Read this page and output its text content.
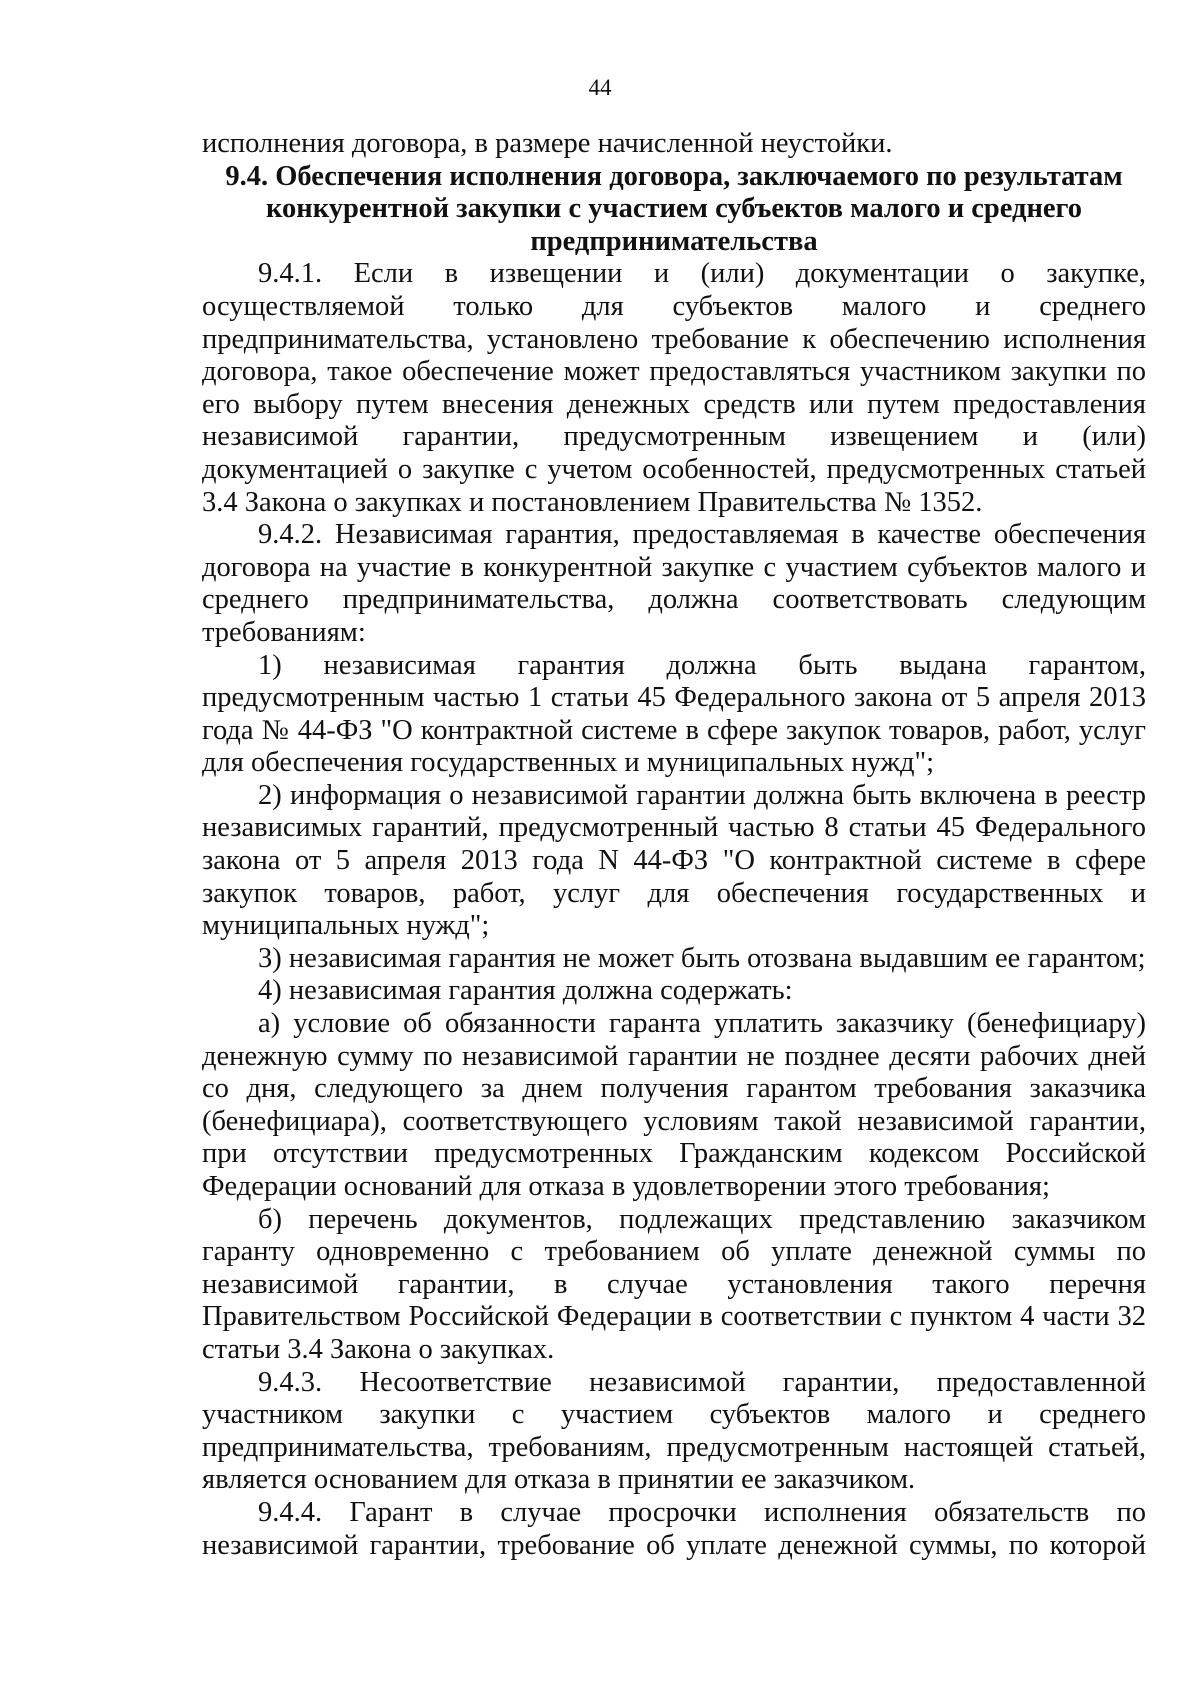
44

исполнения договора, в размере начисленной неустойки.

9.4. Обеспечения исполнения договора, заключаемого по результатам конкурентной закупки с участием субъектов малого и среднего предпринимательства

9.4.1. Если в извещении и (или) документации о закупке, осуществляемой только для субъектов малого и среднего предпринимательства, установлено требование к обеспечению исполнения договора, такое обеспечение может предоставляться участником закупки по его выбору путем внесения денежных средств или путем предоставления независимой гарантии, предусмотренным извещением и (или) документацией о закупке с учетом особенностей, предусмотренных статьей 3.4 Закона о закупках и постановлением Правительства № 1352.

9.4.2. Независимая гарантия, предоставляемая в качестве обеспечения договора на участие в конкурентной закупке с участием субъектов малого и среднего предпринимательства, должна соответствовать следующим требованиям:

1) независимая гарантия должна быть выдана гарантом, предусмотренным частью 1 статьи 45 Федерального закона от 5 апреля 2013 года № 44-ФЗ "О контрактной системе в сфере закупок товаров, работ, услуг для обеспечения государственных и муниципальных нужд";

2) информация о независимой гарантии должна быть включена в реестр независимых гарантий, предусмотренный частью 8 статьи 45 Федерального закона от 5 апреля 2013 года N 44-ФЗ "О контрактной системе в сфере закупок товаров, работ, услуг для обеспечения государственных и муниципальных нужд";

3) независимая гарантия не может быть отозвана выдавшим ее гарантом;

4) независимая гарантия должна содержать:

а) условие об обязанности гаранта уплатить заказчику (бенефициару) денежную сумму по независимой гарантии не позднее десяти рабочих дней со дня, следующего за днем получения гарантом требования заказчика (бенефициара), соответствующего условиям такой независимой гарантии, при отсутствии предусмотренных Гражданским кодексом Российской Федерации оснований для отказа в удовлетворении этого требования;

б) перечень документов, подлежащих представлению заказчиком гаранту одновременно с требованием об уплате денежной суммы по независимой гарантии, в случае установления такого перечня Правительством Российской Федерации в соответствии с пунктом 4 части 32 статьи 3.4 Закона о закупках.

9.4.3. Несоответствие независимой гарантии, предоставленной участником закупки с участием субъектов малого и среднего предпринимательства, требованиям, предусмотренным настоящей статьей, является основанием для отказа в принятии ее заказчиком.

9.4.4. Гарант в случае просрочки исполнения обязательств по независимой гарантии, требование об уплате денежной суммы, по которой
